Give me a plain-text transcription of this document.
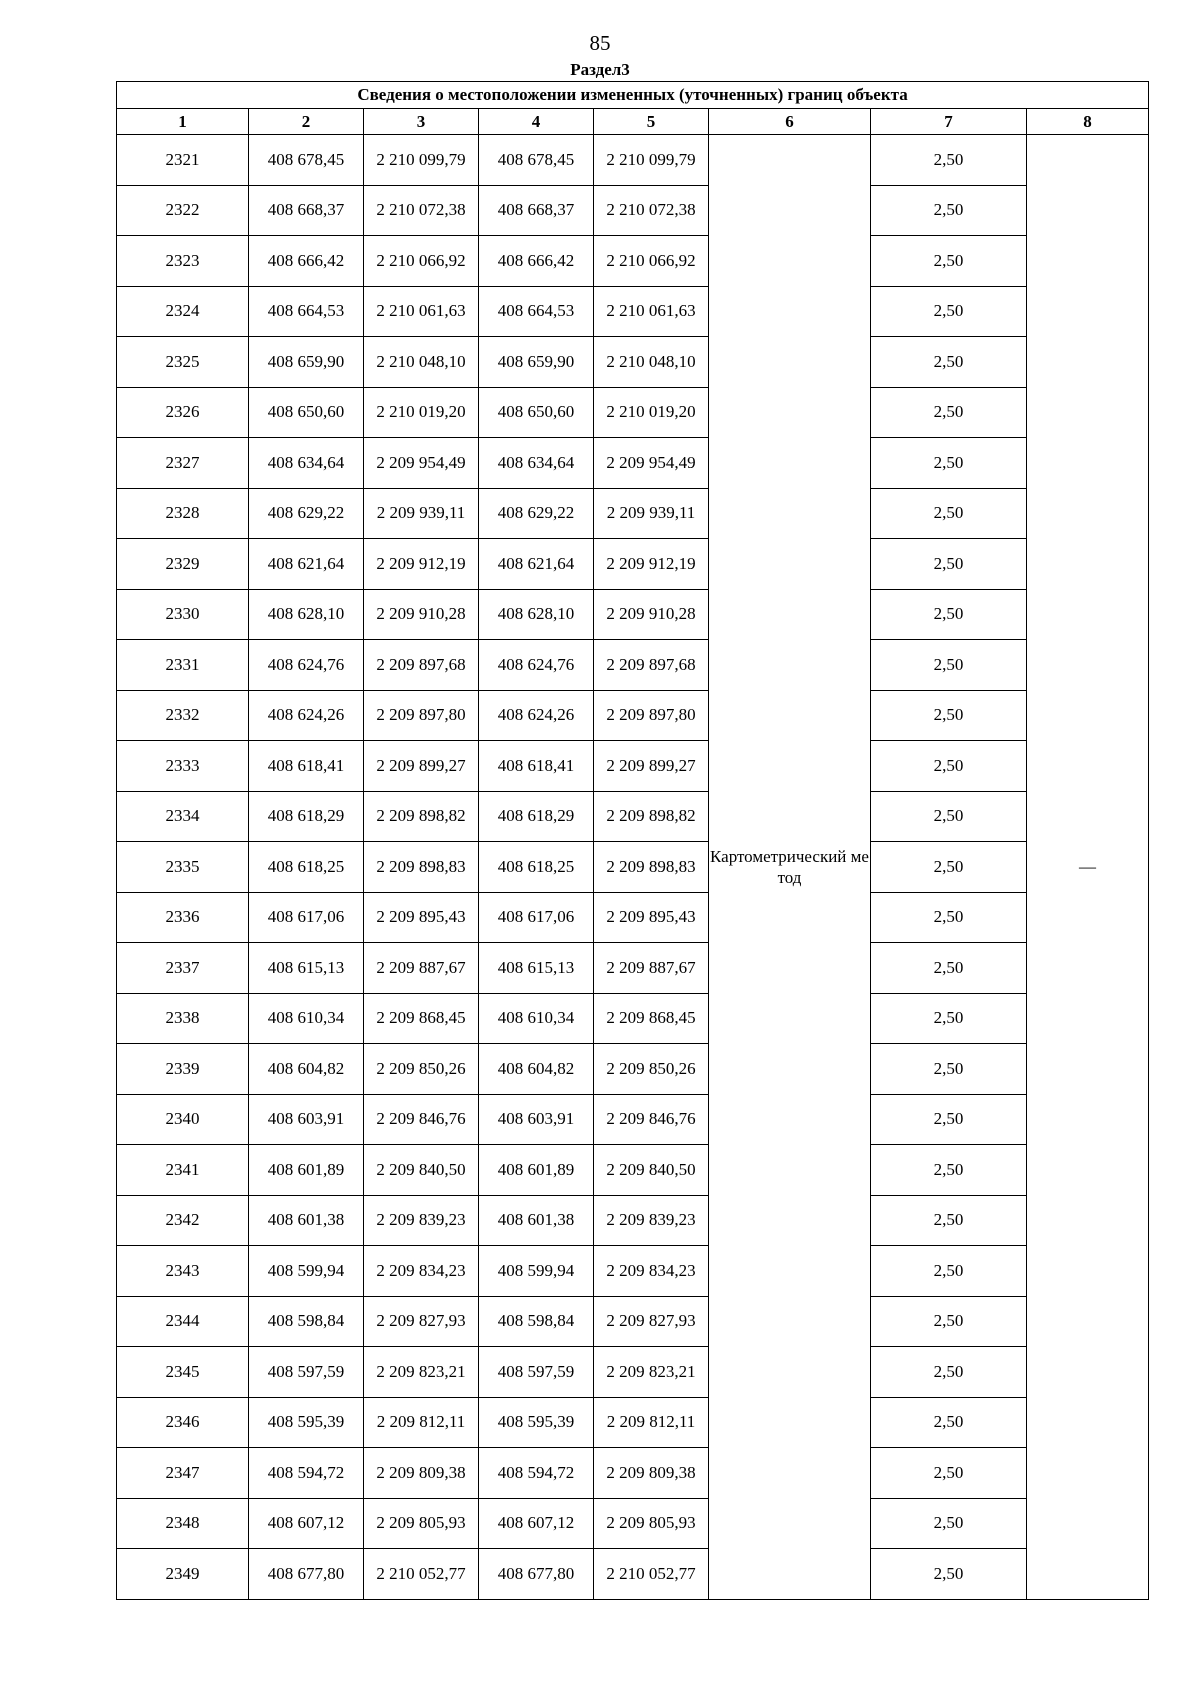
85
Раздел3
Сведения о местоположении измененных (уточненных) границ объекта							
1	2	3	4	5	6	7	8
2321	408 678,45	2 210 099,79	408 678,45	2 210 099,79	Картометрический метод	2,50	—
2322	408 668,37	2 210 072,38	408 668,37	2 210 072,38		2,50	
2323	408 666,42	2 210 066,92	408 666,42	2 210 066,92		2,50	
2324	408 664,53	2 210 061,63	408 664,53	2 210 061,63		2,50	
2325	408 659,90	2 210 048,10	408 659,90	2 210 048,10		2,50	
2326	408 650,60	2 210 019,20	408 650,60	2 210 019,20		2,50	
2327	408 634,64	2 209 954,49	408 634,64	2 209 954,49		2,50	
2328	408 629,22	2 209 939,11	408 629,22	2 209 939,11		2,50	
2329	408 621,64	2 209 912,19	408 621,64	2 209 912,19		2,50	
2330	408 628,10	2 209 910,28	408 628,10	2 209 910,28		2,50	
2331	408 624,76	2 209 897,68	408 624,76	2 209 897,68		2,50	
2332	408 624,26	2 209 897,80	408 624,26	2 209 897,80		2,50	
2333	408 618,41	2 209 899,27	408 618,41	2 209 899,27		2,50	
2334	408 618,29	2 209 898,82	408 618,29	2 209 898,82		2,50	
2335	408 618,25	2 209 898,83	408 618,25	2 209 898,83		2,50	
2336	408 617,06	2 209 895,43	408 617,06	2 209 895,43		2,50	
2337	408 615,13	2 209 887,67	408 615,13	2 209 887,67		2,50	
2338	408 610,34	2 209 868,45	408 610,34	2 209 868,45		2,50	
2339	408 604,82	2 209 850,26	408 604,82	2 209 850,26		2,50	
2340	408 603,91	2 209 846,76	408 603,91	2 209 846,76		2,50	
2341	408 601,89	2 209 840,50	408 601,89	2 209 840,50		2,50	
2342	408 601,38	2 209 839,23	408 601,38	2 209 839,23		2,50	
2343	408 599,94	2 209 834,23	408 599,94	2 209 834,23		2,50	
2344	408 598,84	2 209 827,93	408 598,84	2 209 827,93		2,50	
2345	408 597,59	2 209 823,21	408 597,59	2 209 823,21		2,50	
2346	408 595,39	2 209 812,11	408 595,39	2 209 812,11		2,50	
2347	408 594,72	2 209 809,38	408 594,72	2 209 809,38		2,50	
2348	408 607,12	2 209 805,93	408 607,12	2 209 805,93		2,50	
2349	408 677,80	2 210 052,77	408 677,80	2 210 052,77		2,50	
